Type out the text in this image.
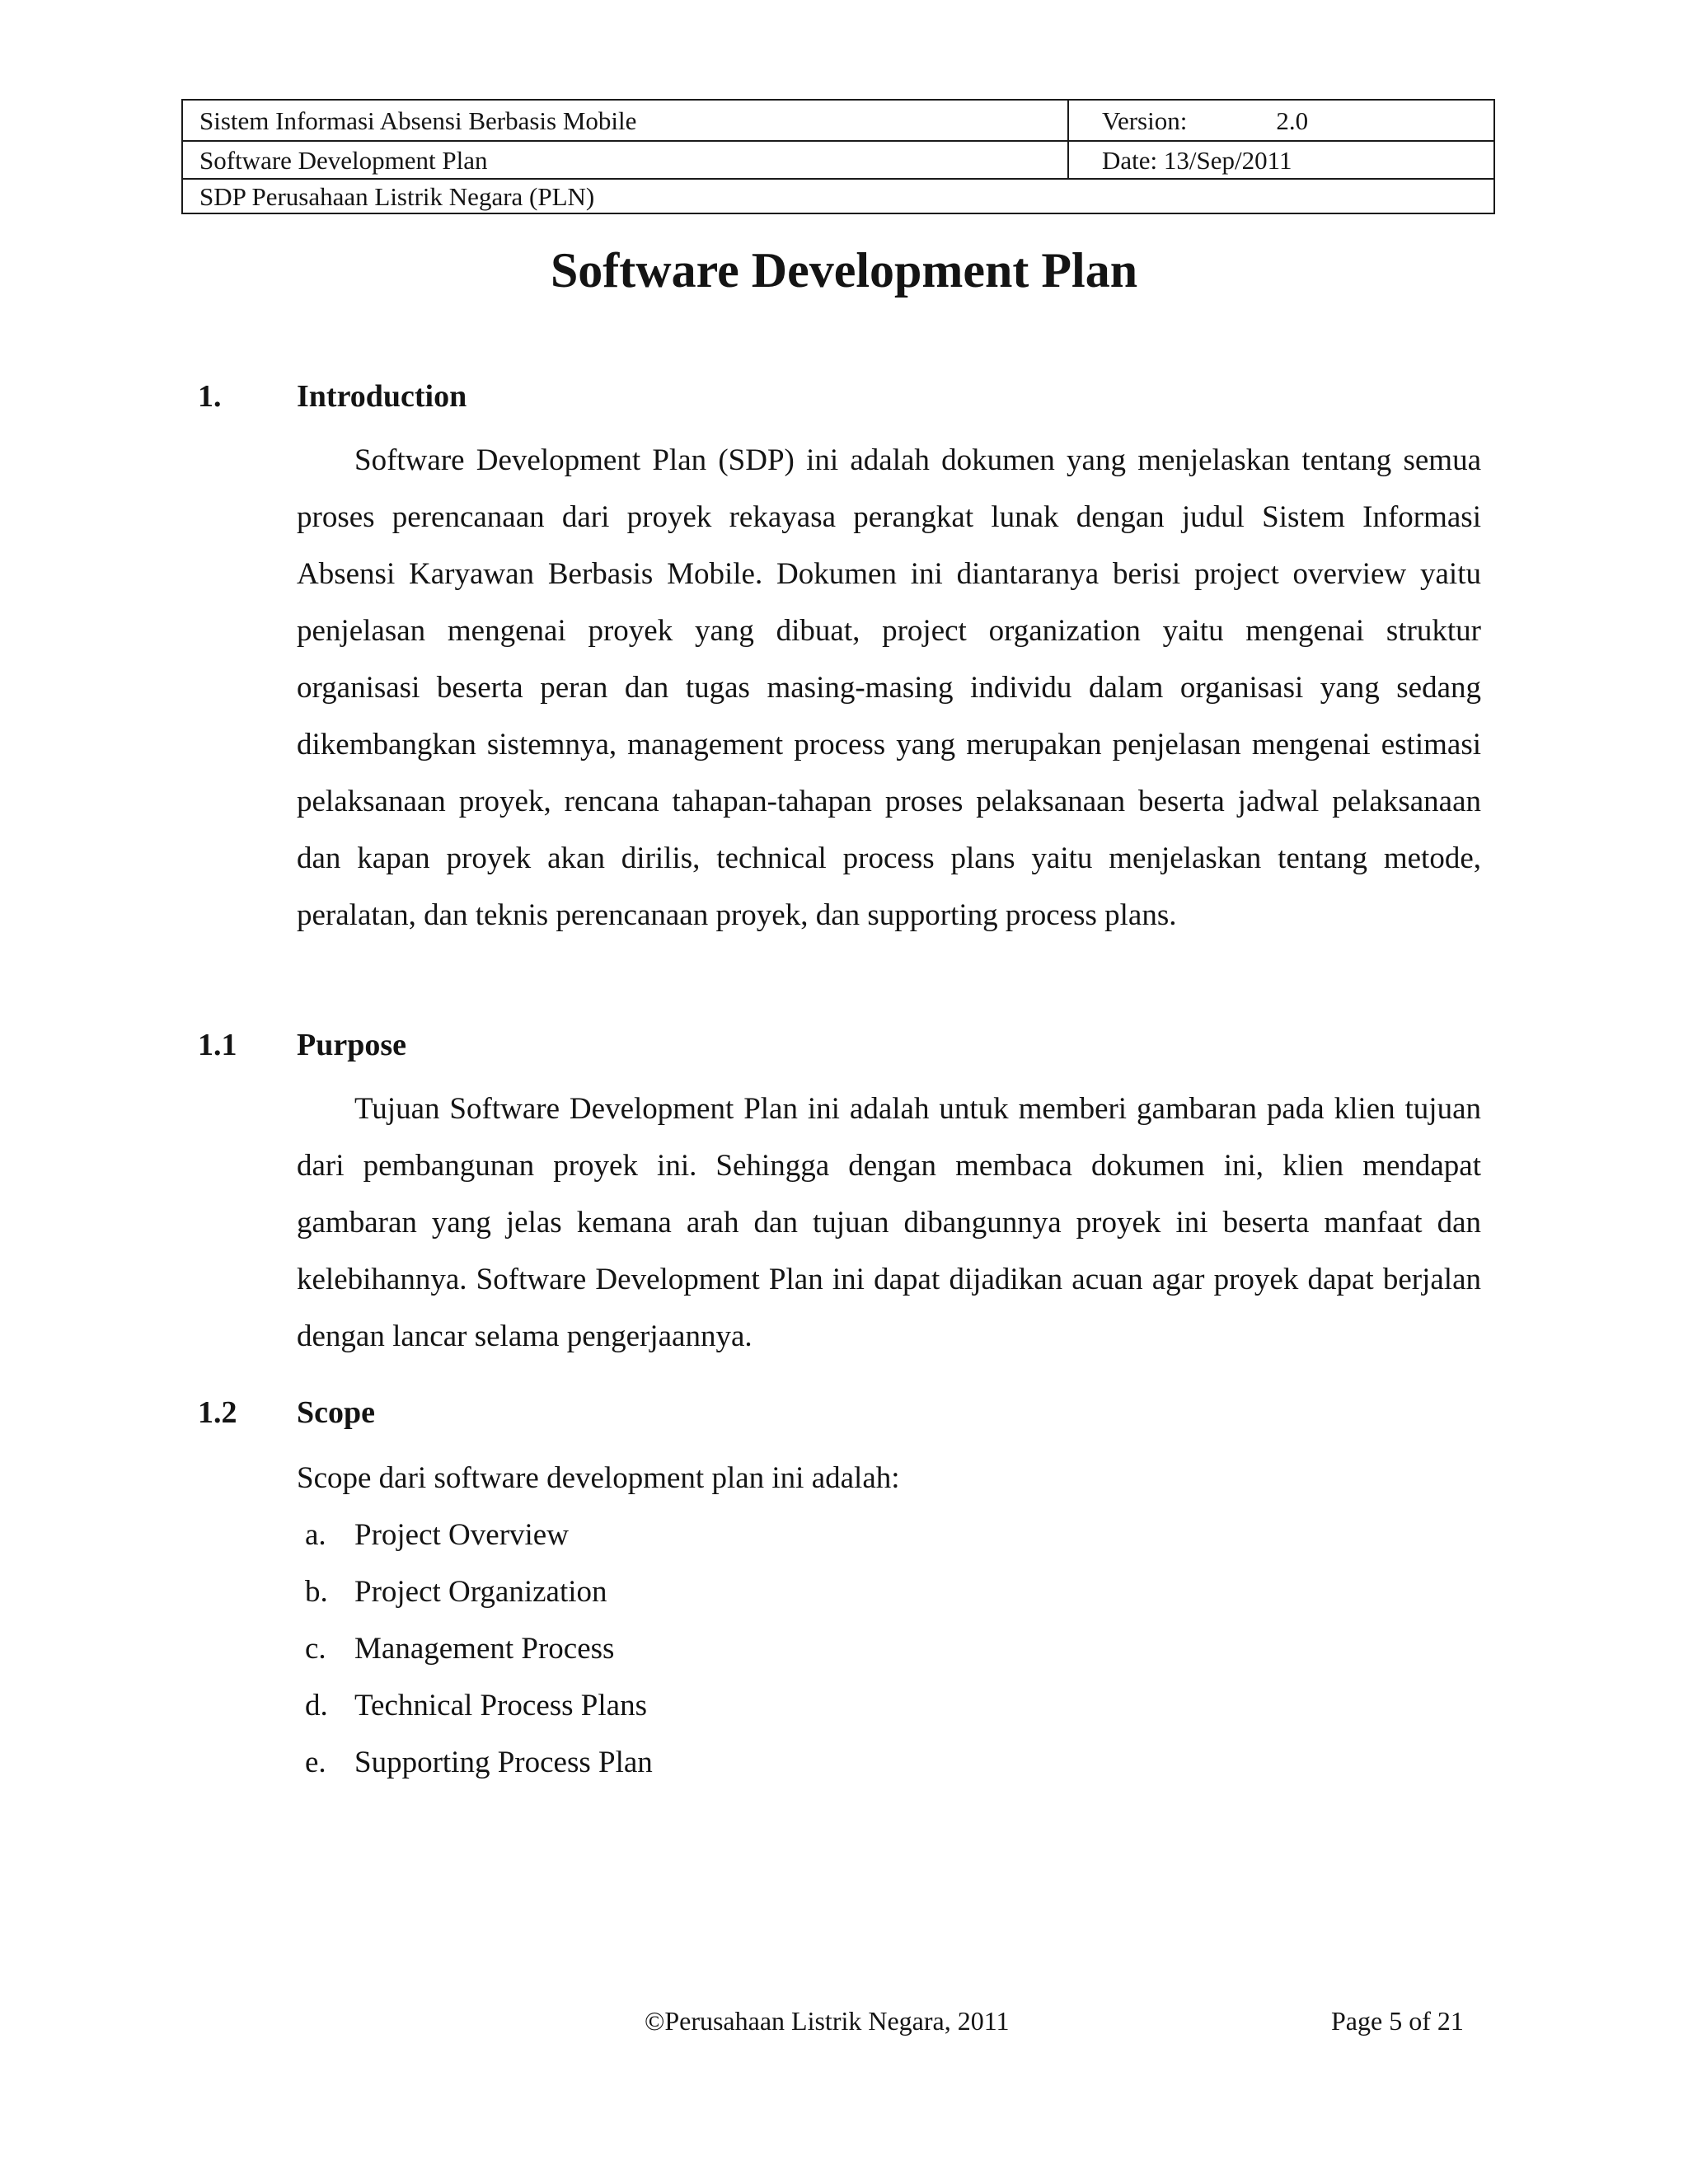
Sistem Informasi Absensi Berbasis Mobile	Version: 2.0
Software Development Plan	Date: 13/Sep/2011
SDP Perusahaan Listrik Negara (PLN)	
Software Development Plan
1. Introduction

Software Development Plan (SDP) ini adalah dokumen yang menjelaskan tentang semua proses perencanaan dari proyek rekayasa perangkat lunak dengan judul Sistem Informasi Absensi Karyawan Berbasis Mobile. Dokumen ini diantaranya berisi project overview yaitu penjelasan mengenai proyek yang dibuat, project organization yaitu mengenai struktur organisasi beserta peran dan tugas masing-masing individu dalam organisasi yang sedang dikembangkan sistemnya, management process yang merupakan penjelasan mengenai estimasi pelaksanaan proyek, rencana tahapan-tahapan proses pelaksanaan beserta jadwal pelaksanaan dan kapan proyek akan dirilis, technical process plans yaitu menjelaskan tentang metode, peralatan, dan teknis perencanaan proyek, dan supporting process plans.

1.1 Purpose

Tujuan Software Development Plan ini adalah untuk memberi gambaran pada klien tujuan dari pembangunan proyek ini. Sehingga dengan membaca dokumen ini, klien mendapat gambaran yang jelas kemana arah dan tujuan dibangunnya proyek ini beserta manfaat dan kelebihannya. Software Development Plan ini dapat dijadikan acuan agar proyek dapat berjalan dengan lancar selama pengerjaannya.

1.2 Scope

Scope dari software development plan ini adalah:

a. Project Overview
b. Project Organization
c. Management Process
d. Technical Process Plans
e. Supporting Process Plan
©Perusahaan Listrik Negara, 2011	Page 5 of 21
